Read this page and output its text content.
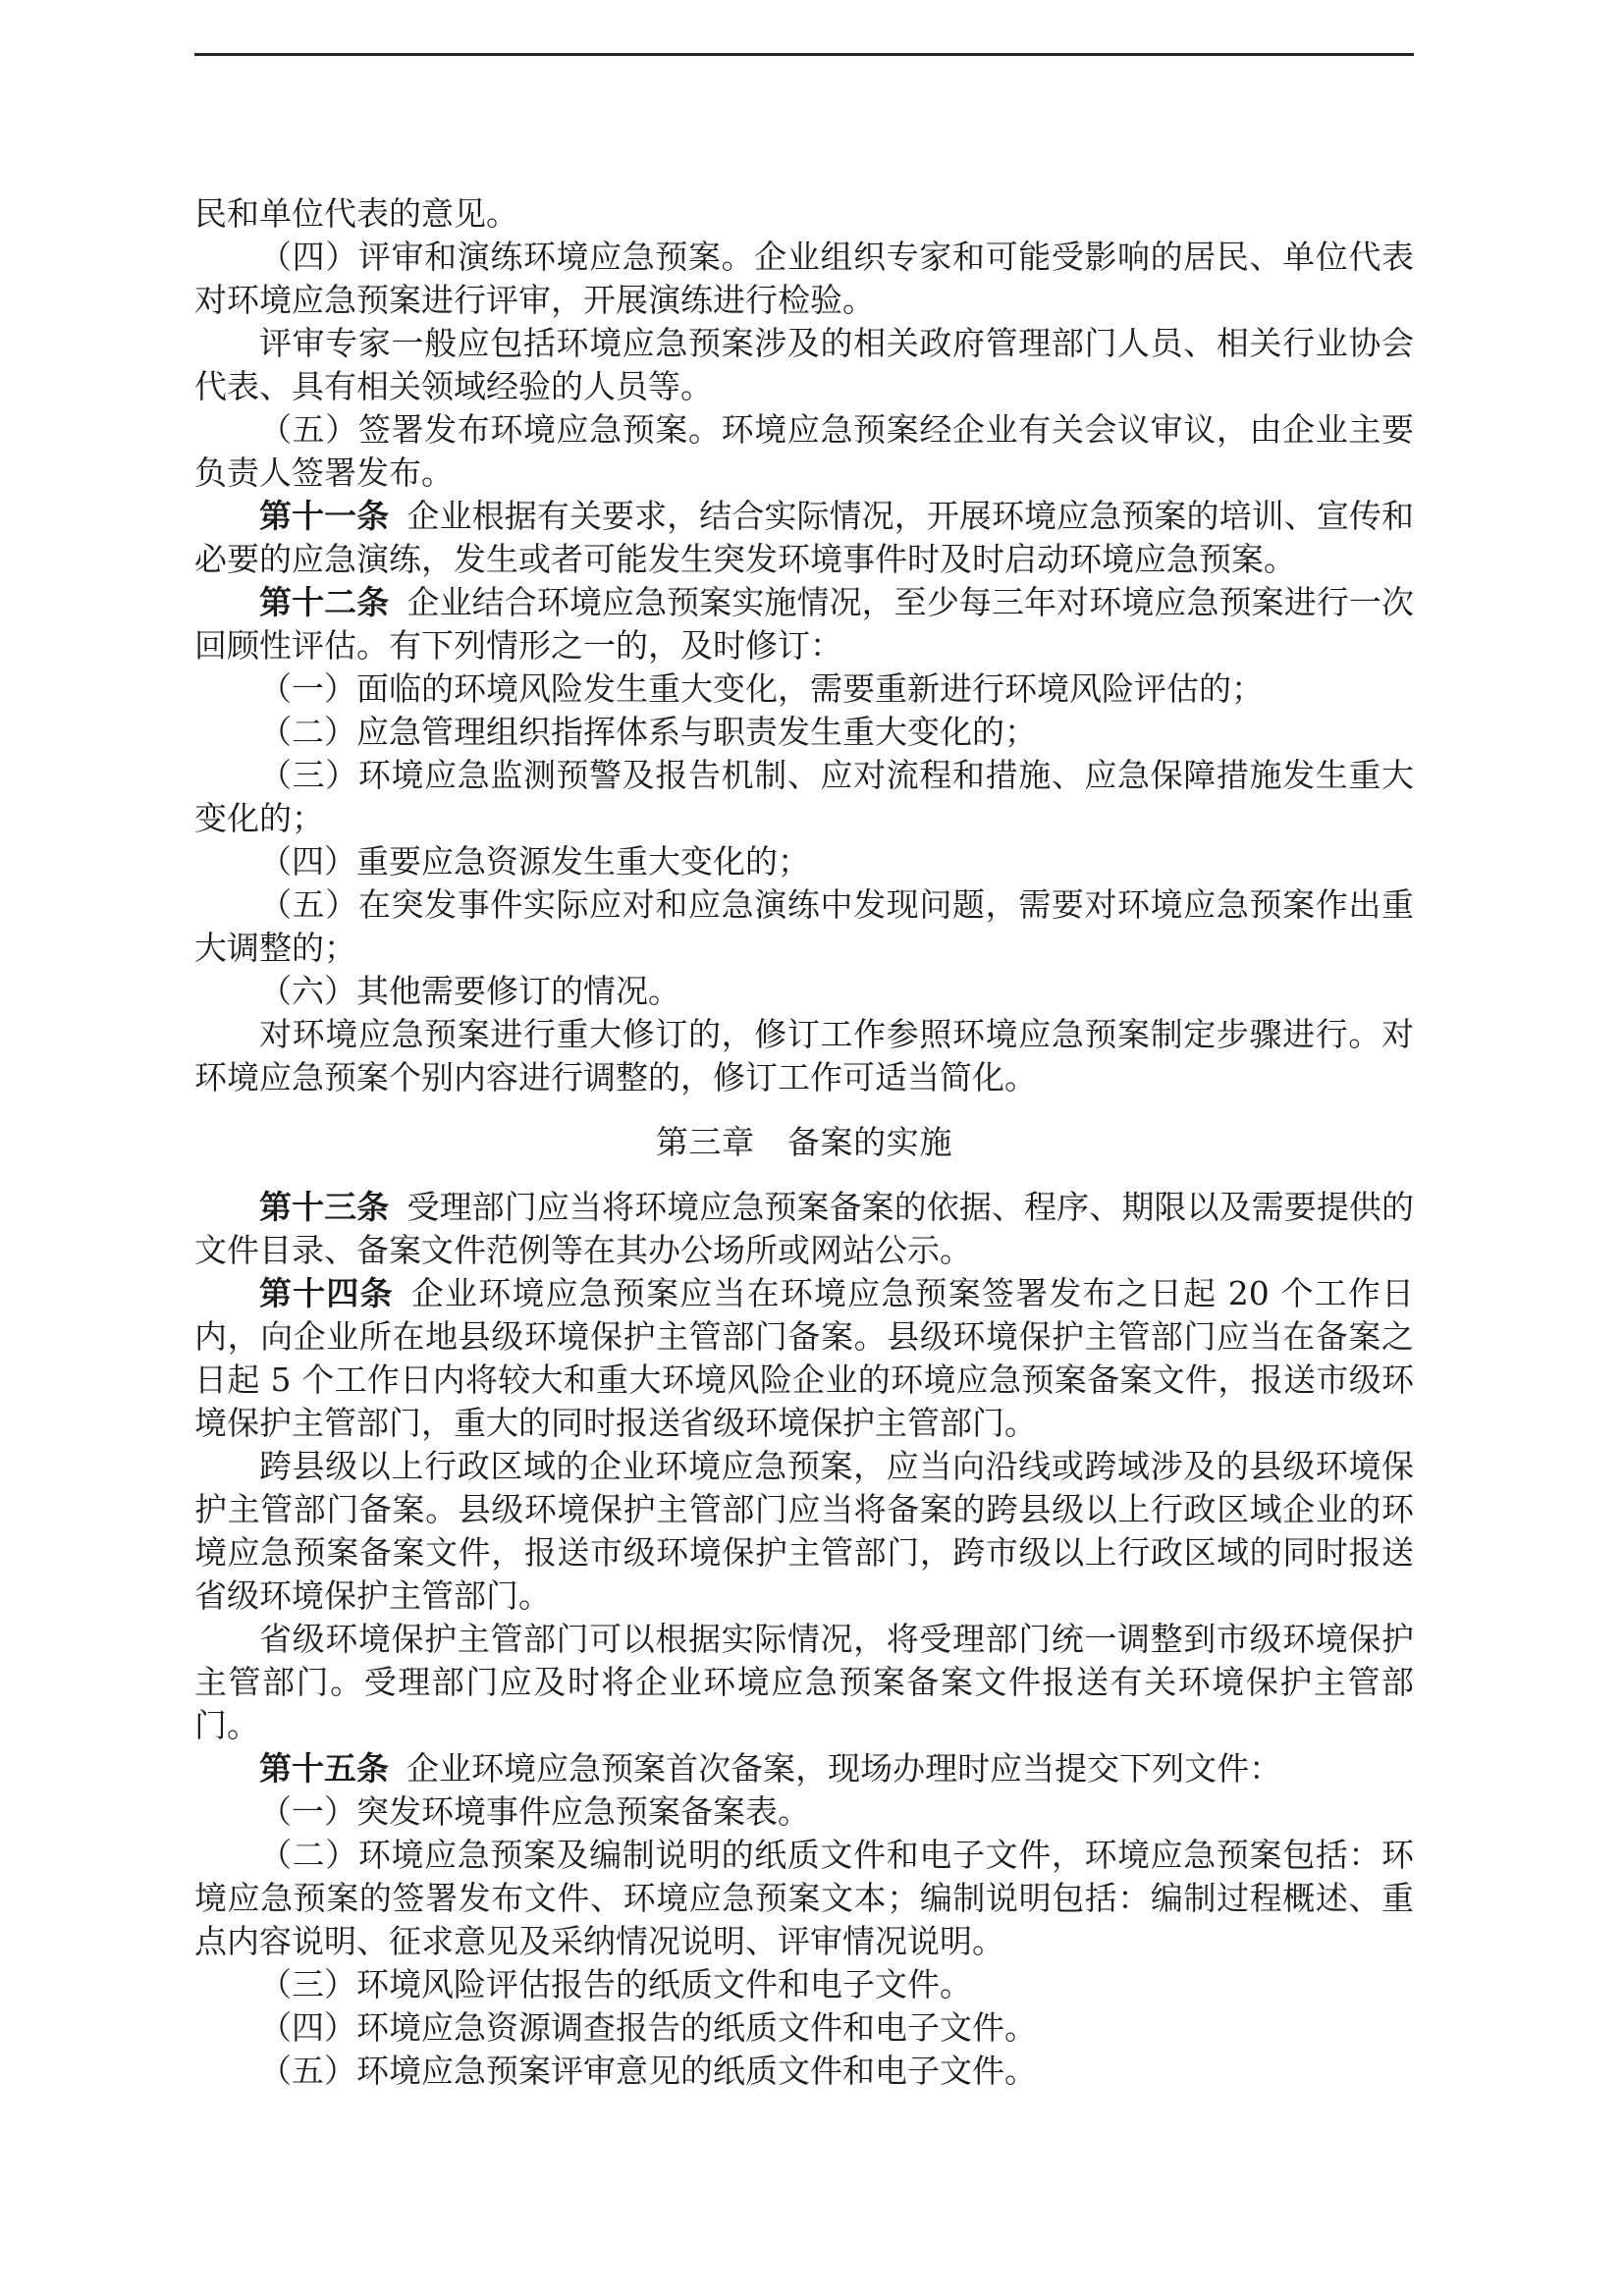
民和单位代表的意见。

（四）评审和演练环境应急预案。企业组织专家和可能受影响的居民、单位代表对环境应急预案进行评审，开展演练进行检验。

评审专家一般应包括环境应急预案涉及的相关政府管理部门人员、相关行业协会代表、具有相关领域经验的人员等。

（五）签署发布环境应急预案。环境应急预案经企业有关会议审议，由企业主要负责人签署发布。

第十一条 企业根据有关要求，结合实际情况，开展环境应急预案的培训、宣传和必要的应急演练，发生或者可能发生突发环境事件时及时启动环境应急预案。

第十二条 企业结合环境应急预案实施情况，至少每三年对环境应急预案进行一次回顾性评估。有下列情形之一的，及时修订：

（一）面临的环境风险发生重大变化，需要重新进行环境风险评估的；

（二）应急管理组织指挥体系与职责发生重大变化的；

（三）环境应急监测预警及报告机制、应对流程和措施、应急保障措施发生重大变化的；

（四）重要应急资源发生重大变化的；

（五）在突发事件实际应对和应急演练中发现问题，需要对环境应急预案作出重大调整的；

（六）其他需要修订的情况。

对环境应急预案进行重大修订的，修订工作参照环境应急预案制定步骤进行。对环境应急预案个别内容进行调整的，修订工作可适当简化。

第三章 备案的实施

第十三条 受理部门应当将环境应急预案备案的依据、程序、期限以及需要提供的文件目录、备案文件范例等在其办公场所或网站公示。

第十四条 企业环境应急预案应当在环境应急预案签署发布之日起 20 个工作日内，向企业所在地县级环境保护主管部门备案。县级环境保护主管部门应当在备案之日起 5 个工作日内将较大和重大环境风险企业的环境应急预案备案文件，报送市级环境保护主管部门，重大的同时报送省级环境保护主管部门。

跨县级以上行政区域的企业环境应急预案，应当向沿线或跨域涉及的县级环境保护主管部门备案。县级环境保护主管部门应当将备案的跨县级以上行政区域企业的环境应急预案备案文件，报送市级环境保护主管部门，跨市级以上行政区域的同时报送省级环境保护主管部门。

省级环境保护主管部门可以根据实际情况，将受理部门统一调整到市级环境保护主管部门。受理部门应及时将企业环境应急预案备案文件报送有关环境保护主管部门。

第十五条 企业环境应急预案首次备案，现场办理时应当提交下列文件：

（一）突发环境事件应急预案备案表。

（二）环境应急预案及编制说明的纸质文件和电子文件，环境应急预案包括：环境应急预案的签署发布文件、环境应急预案文本；编制说明包括：编制过程概述、重点内容说明、征求意见及采纳情况说明、评审情况说明。

（三）环境风险评估报告的纸质文件和电子文件。

（四）环境应急资源调查报告的纸质文件和电子文件。

（五）环境应急预案评审意见的纸质文件和电子文件。
